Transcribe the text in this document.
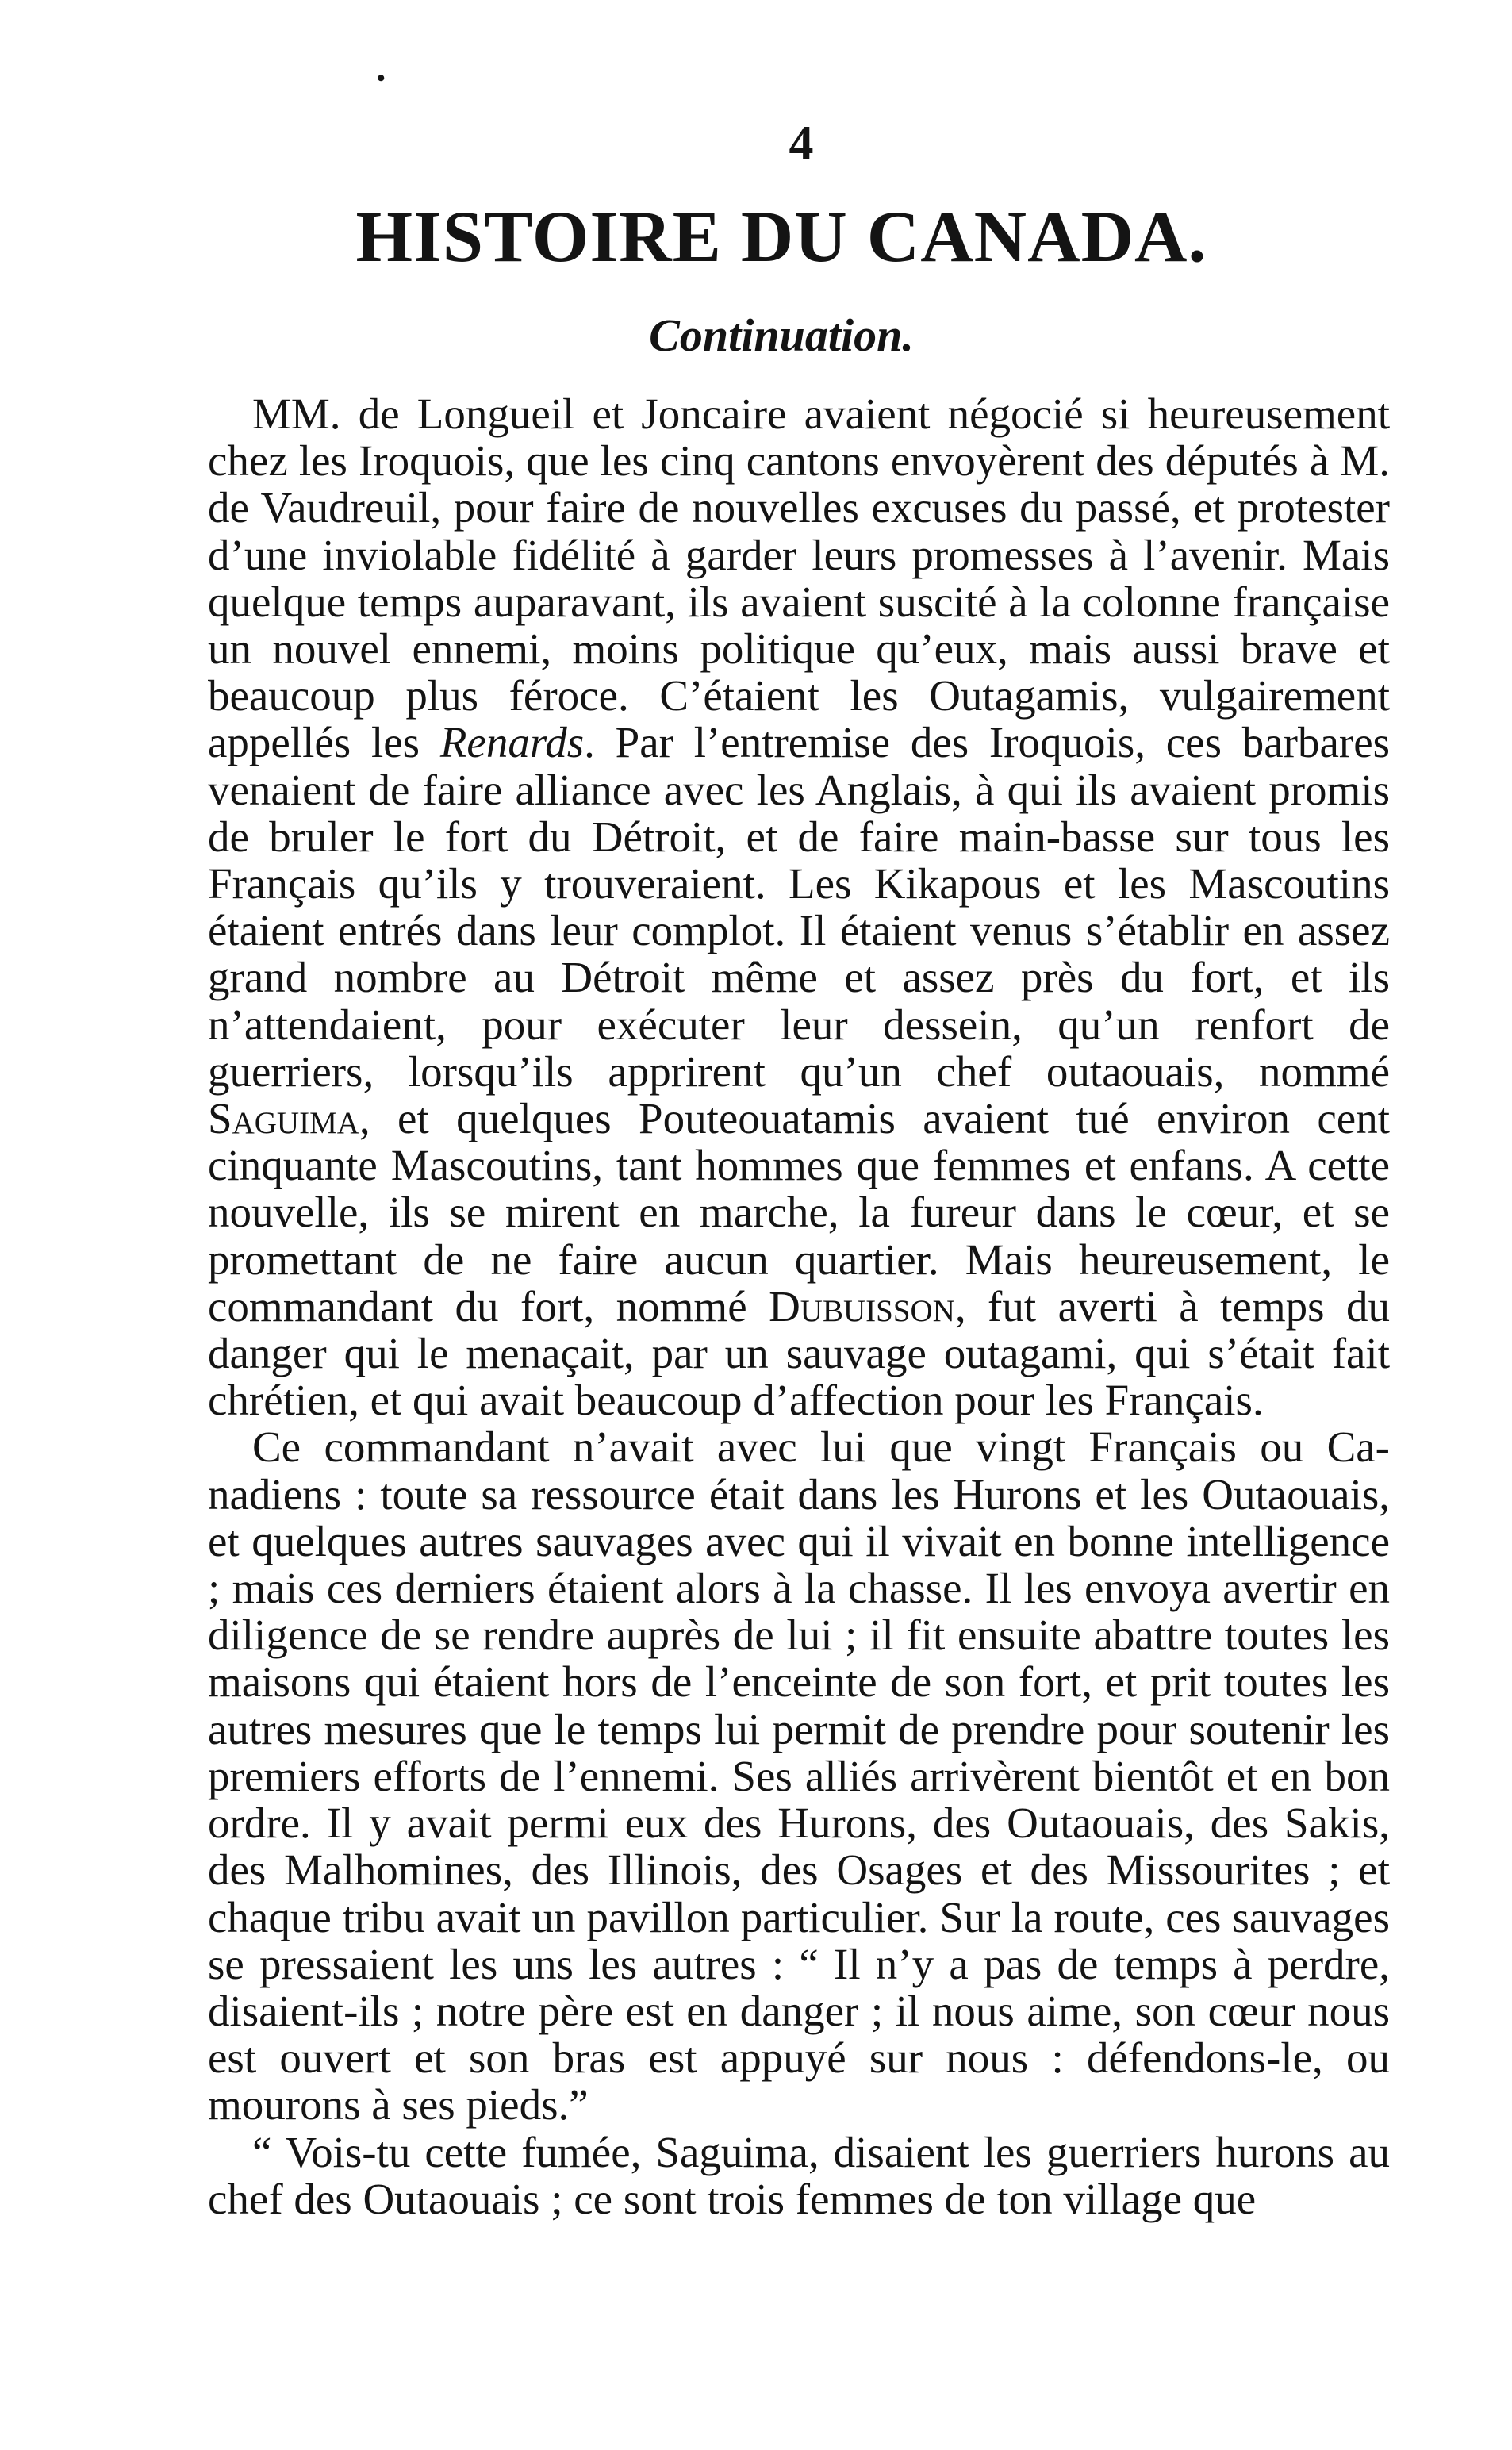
•
4
HISTOIRE DU CANADA.
Continuation.

MM. de Longueil et Joncaire avaient négocié si heureusement chez les Iroquois, que les cinq cantons envoyèrent des députés à M. de Vaudreuil, pour faire de nouvelles excuses du passé, et protester d’une inviolable fidélité à garder leurs promesses à l’avenir. Mais quelque temps auparavant, ils avaient suscité à la colonne française un nouvel ennemi, moins politique qu’eux, mais aussi brave et beaucoup plus féroce. C’étaient les Outagamis, vulgairement appellés les Renards. Par l’entremise des Iroquois, ces barbares venaient de faire alliance avec les Anglais, à qui ils avaient promis de bruler le fort du Détroit, et de faire main-basse sur tous les Français qu’ils y trouveraient. Les Kikapous et les Mascoutins étaient entrés dans leur complot. Il étaient venus s’établir en assez grand nombre au Détroit même et assez près du fort, et ils n’attendaient, pour exécuter leur dessein, qu’un renfort de guerriers, lorsqu’ils apprirent qu’un chef outaouais, nommé Saguima, et quelques Pouteouatamis avaient tué environ cent cinquante Mascoutins, tant hommes que femmes et enfans. A cette nouvelle, ils se mirent en marche, la fureur dans le cœur, et se promettant de ne faire aucun quartier. Mais heureusement, le commandant du fort, nommé Dubuisson, fut averti à temps du danger qui le menaçait, par un sauvage outagami, qui s’était fait chrétien, et qui avait beaucoup d’affection pour les Français.

Ce commandant n’avait avec lui que vingt Français ou Canadiens : toute sa ressource était dans les Hurons et les Outaouais, et quelques autres sauvages avec qui il vivait en bonne intelligence ; mais ces derniers étaient alors à la chasse. Il les envoya avertir en diligence de se rendre auprès de lui ; il fit ensuite abattre toutes les maisons qui étaient hors de l’enceinte de son fort, et prit toutes les autres mesures que le temps lui permit de prendre pour soutenir les premiers efforts de l’ennemi. Ses alliés arrivèrent bientôt et en bon ordre. Il y avait permi eux des Hurons, des Outaouais, des Sakis, des Malhomines, des Illinois, des Osages et des Missourites ; et chaque tribu avait un pavillon particulier. Sur la route, ces sauvages se pressaient les uns les autres : “ Il n’y a pas de temps à perdre, disaient-ils ; notre père est en danger ; il nous aime, son cœur nous est ouvert et son bras est appuyé sur nous : défendons-le, ou mourons à ses pieds.”

“ Vois-tu cette fumée, Saguima, disaient les guerriers hurons au chef des Outaouais ; ce sont trois femmes de ton village que
